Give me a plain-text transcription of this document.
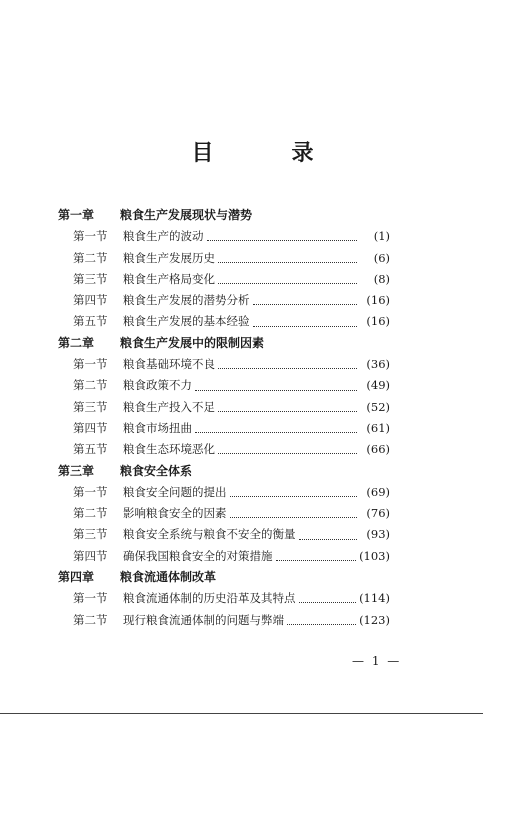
目　录
第一章	粮食生产发展现状与潜势
第一节	粮食生产的波动	(1)
第二节	粮食生产发展历史	(6)
第三节	粮食生产格局变化	(8)
第四节	粮食生产发展的潜势分析	(16)
第五节	粮食生产发展的基本经验	(16)
第二章	粮食生产发展中的限制因素
第一节	粮食基础环境不良	(36)
第二节	粮食政策不力	(49)
第三节	粮食生产投入不足	(52)
第四节	粮食市场扭曲	(61)
第五节	粮食生态环境恶化	(66)
第三章	粮食安全体系
第一节	粮食安全问题的提出	(69)
第二节	影响粮食安全的因素	(76)
第三节	粮食安全系统与粮食不安全的衡量	(93)
第四节	确保我国粮食安全的对策措施	(103)
第四章	粮食流通体制改革
第一节	粮食流通体制的历史沿革及其特点	(114)
第二节	现行粮食流通体制的问题与弊端	(123)
— 1 —
